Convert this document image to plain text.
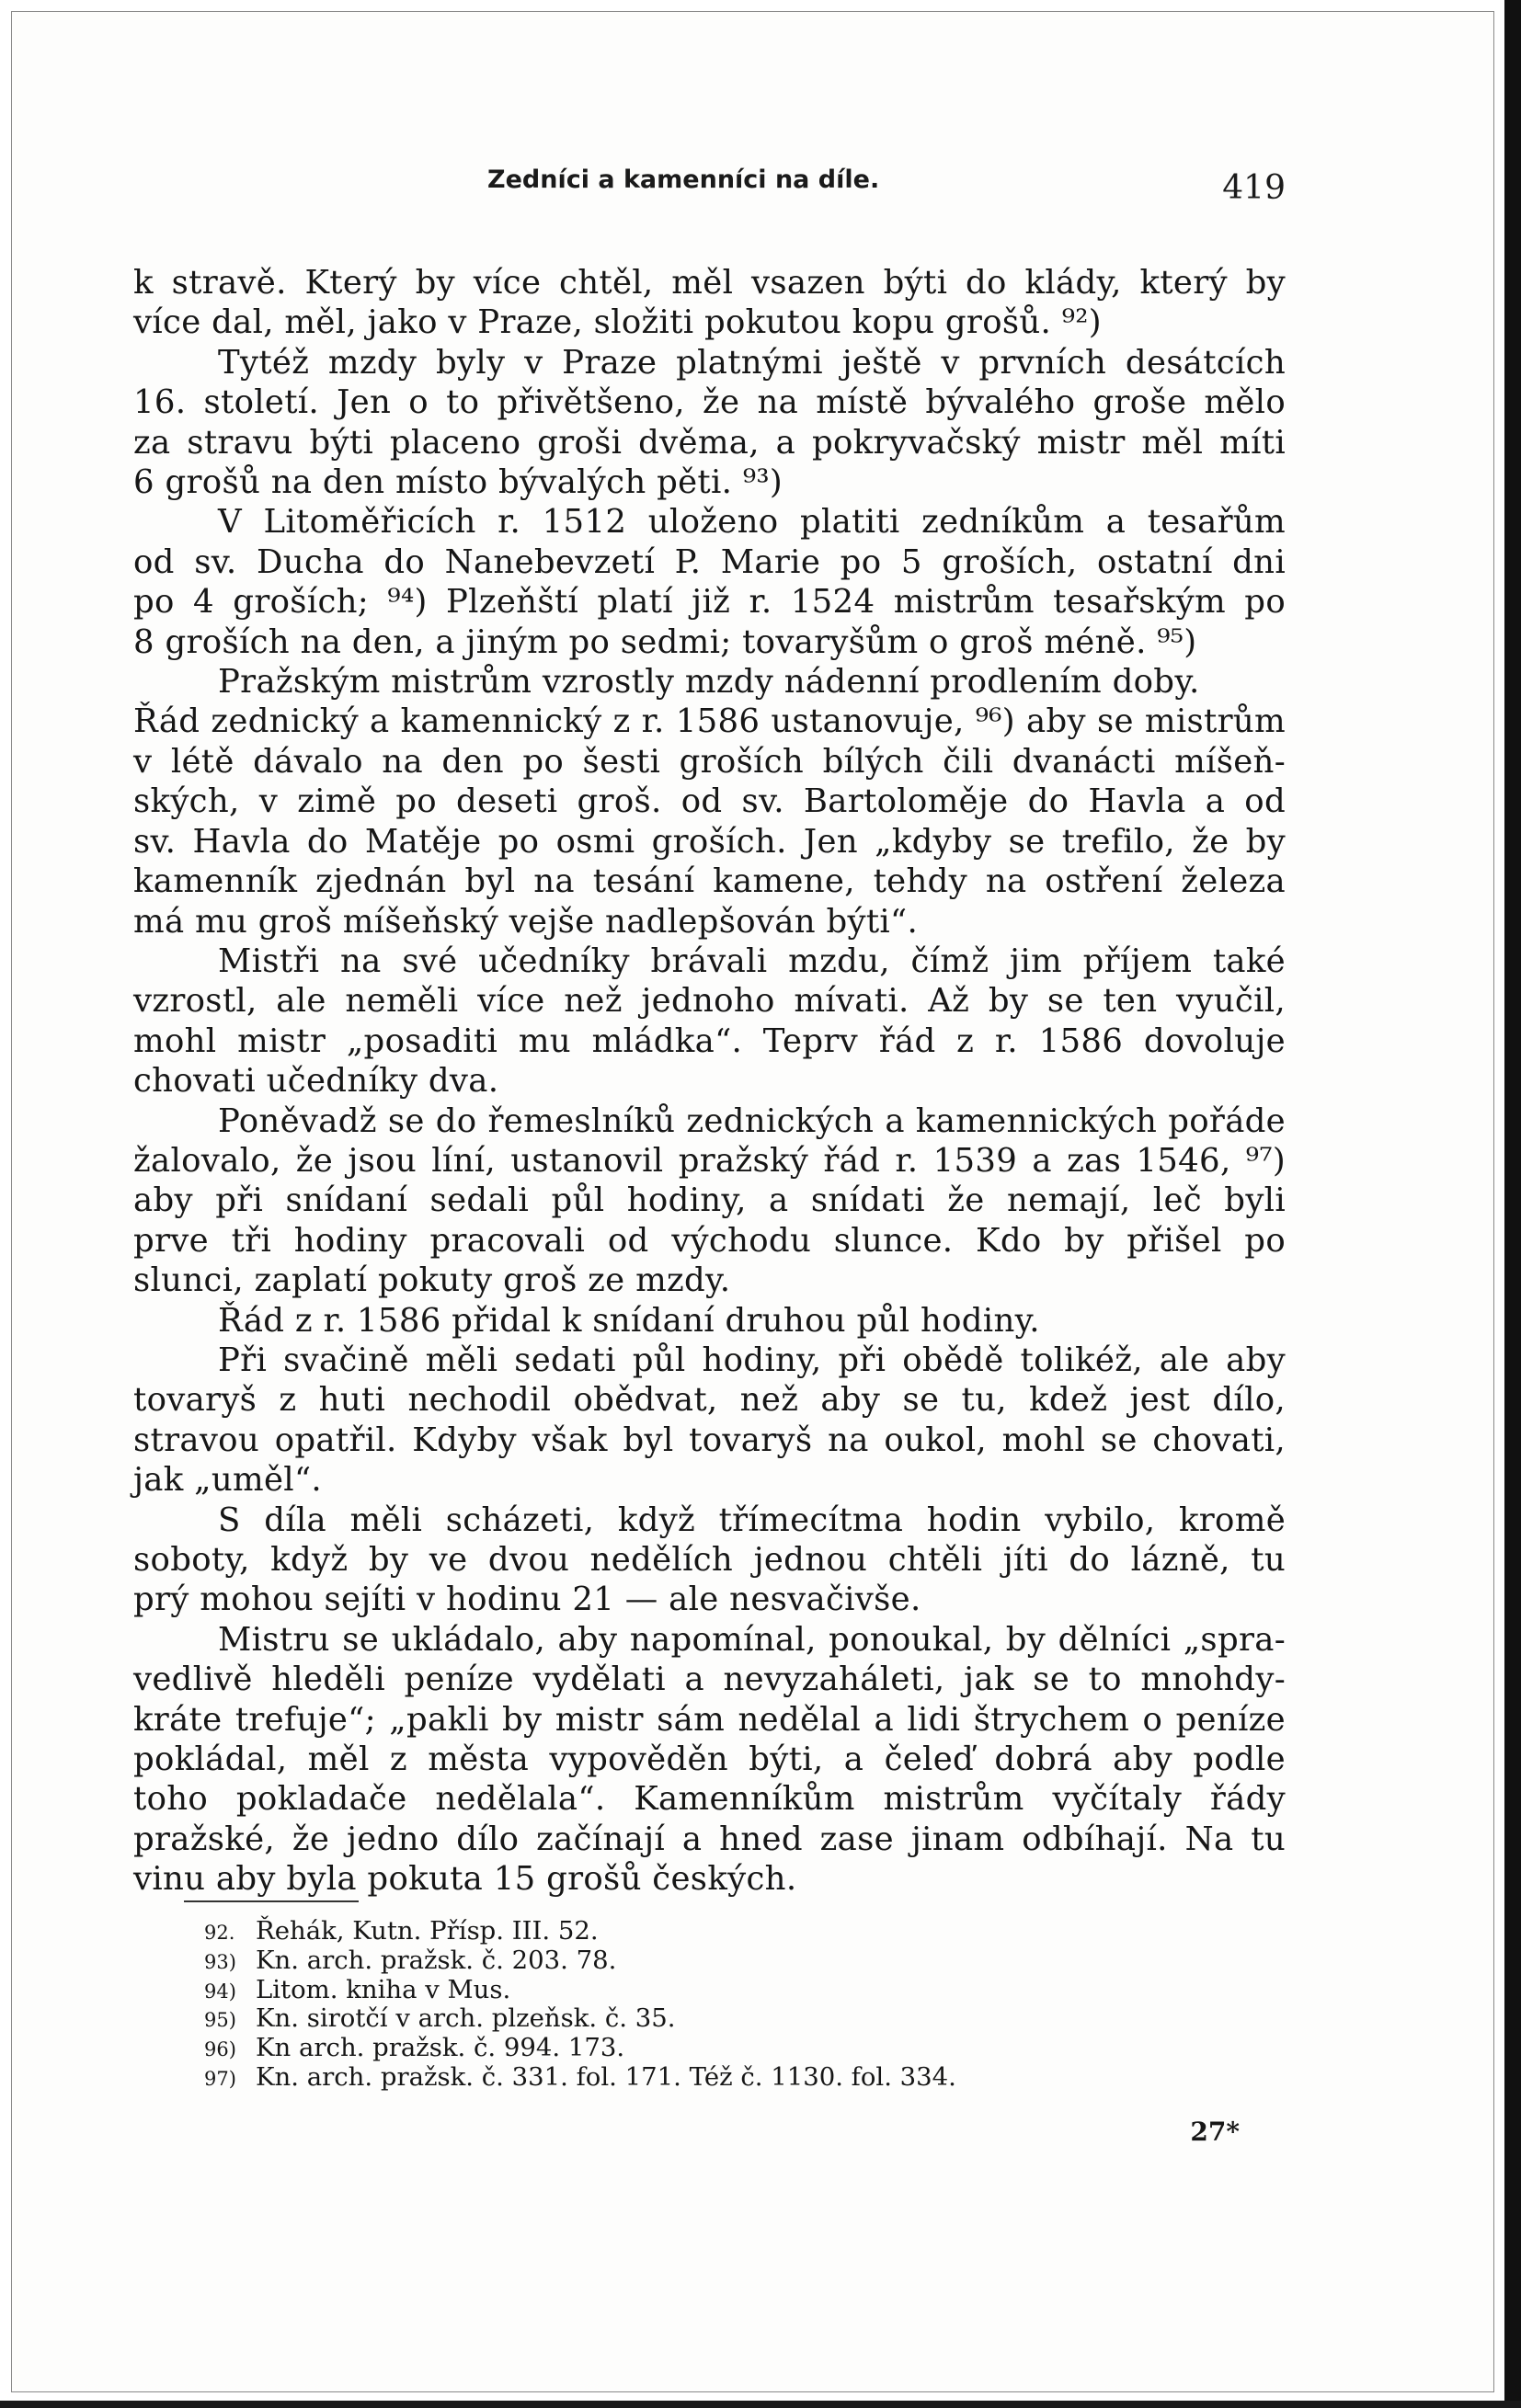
Zedníci a kamenníci na díle.	419
k stravě. Který by více chtěl, měl vsazen býti do klády, který by
více dal, měl, jako v Praze, složiti pokutou kopu grošů. ⁹²)
Tytéž mzdy byly v Praze platnými ještě v prvních desátcích
16. století. Jen o to přivětšeno, že na místě bývalého groše mělo
za stravu býti placeno groši dvěma, a pokryvačský mistr měl míti
6 grošů na den místo bývalých pěti. ⁹³)
V Litoměřicích r. 1512 uloženo platiti zedníkům a tesařům
od sv. Ducha do Nanebevzetí P. Marie po 5 groších, ostatní dni
po 4 groších; ⁹⁴) Plzeňští platí již r. 1524 mistrům tesařským po
8 groších na den, a jiným po sedmi; tovaryšům o groš méně. ⁹⁵)
Pražským mistrům vzrostly mzdy nádenní prodlením doby.
Řád zednický a kamennický z r. 1586 ustanovuje, ⁹⁶) aby se mistrům
v létě dávalo na den po šesti groších bílých čili dvanácti míšeň-
ských, v zimě po deseti groš. od sv. Bartoloměje do Havla a od
sv. Havla do Matěje po osmi groších. Jen „kdyby se trefilo, že by
kamenník zjednán byl na tesání kamene, tehdy na ostření železa
má mu groš míšeňský vejše nadlepšován býti“.
Mistři na své učedníky brávali mzdu, čímž jim příjem také
vzrostl, ale neměli více než jednoho mívati. Až by se ten vyučil,
mohl mistr „posaditi mu mládka“. Teprv řád z r. 1586 dovoluje
chovati učedníky dva.
Poněvadž se do řemeslníků zednických a kamennických pořáde
žalovalo, že jsou líní, ustanovil pražský řád r. 1539 a zas 1546, ⁹⁷)
aby při snídaní sedali půl hodiny, a snídati že nemají, leč byli
prve tři hodiny pracovali od východu slunce. Kdo by přišel po
slunci, zaplatí pokuty groš ze mzdy.
Řád z r. 1586 přidal k snídaní druhou půl hodiny.
Při svačině měli sedati půl hodiny, při obědě tolikéž, ale aby
tovaryš z huti nechodil obědvat, než aby se tu, kdež jest dílo,
stravou opatřil. Kdyby však byl tovaryš na oukol, mohl se chovati,
jak „uměl“.
S díla měli scházeti, když třímecítma hodin vybilo, kromě
soboty, když by ve dvou nedělích jednou chtěli jíti do lázně, tu
prý mohou sejíti v hodinu 21 — ale nesvačivše.
Mistru se ukládalo, aby napomínal, ponoukal, by dělníci „spra-
vedlivě hleděli peníze vydělati a nevyzaháleti, jak se to mnohdy-
kráte trefuje“; „pakli by mistr sám nedělal a lidi štrychem o peníze
pokládal, měl z města vypověděn býti, a čeleď dobrá aby podle
toho pokladače nedělala“. Kamenníkům mistrům vyčítaly řády
pražské, že jedno dílo začínají a hned zase jinam odbíhají. Na tu
vinu aby byla pokuta 15 grošů českých.
92. Řehák, Kutn. Přísp. III. 52.
93) Kn. arch. pražsk. č. 203. 78.
94) Litom. kniha v Mus.
95) Kn. sirotčí v arch. plzeňsk. č. 35.
96) Kn arch. pražsk. č. 994. 173.
97) Kn. arch. pražsk. č. 331. fol. 171. Též č. 1130. fol. 334.
27*
